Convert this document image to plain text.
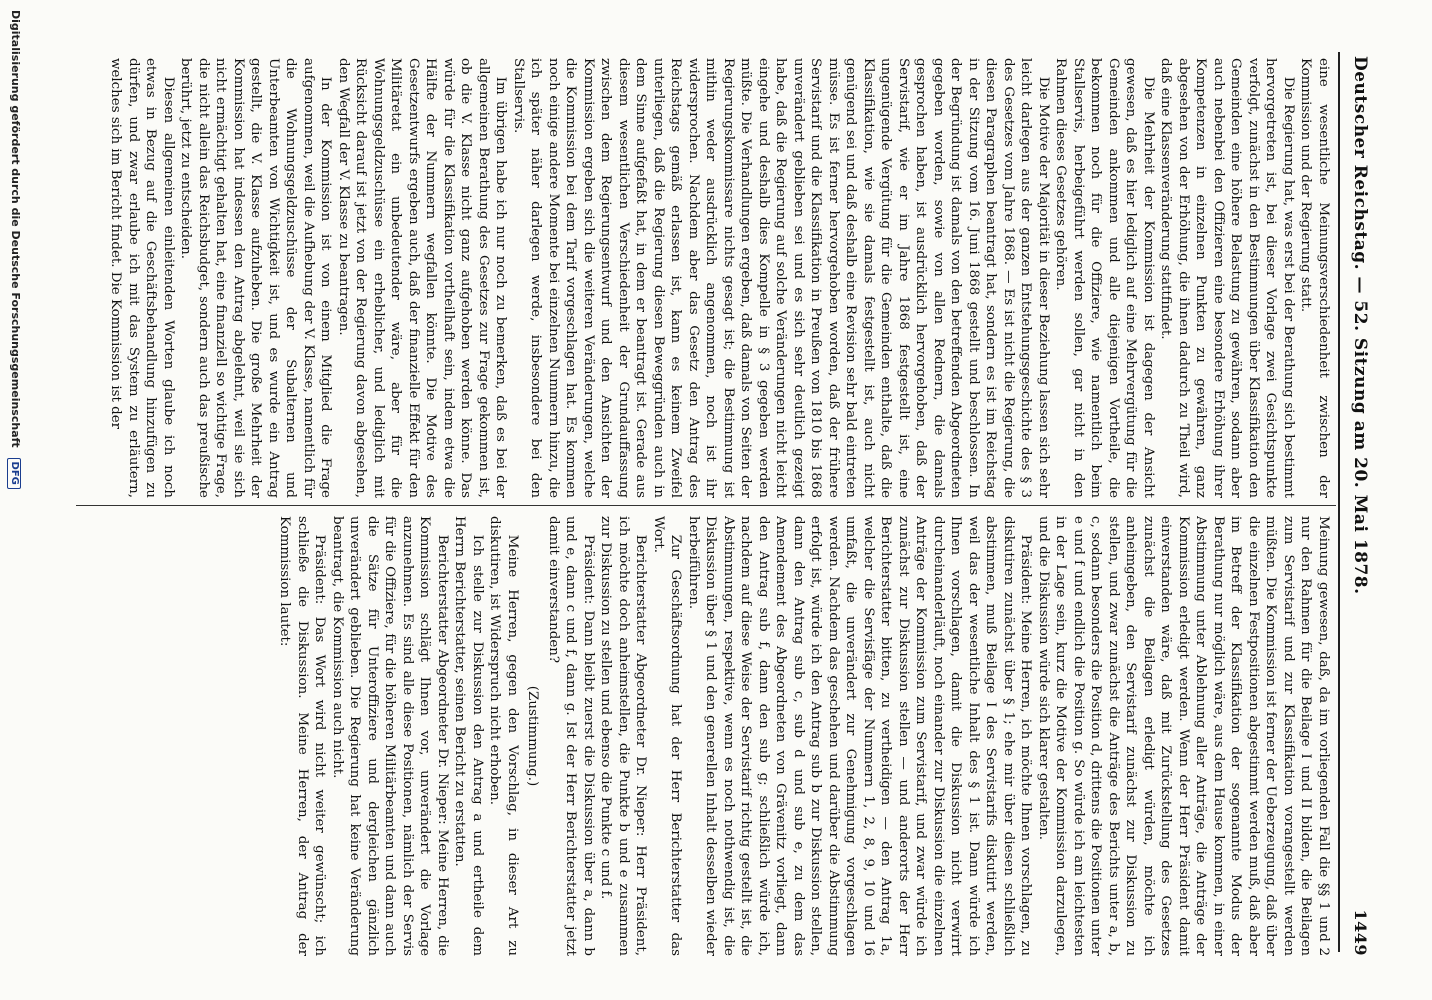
Deutscher Reichstag. — 52. Sitzung am 20. Mai 1878.
1449

eine wesentliche Meinungsverschiedenheit zwischen der Kommission und der Regierung statt.

Die Regierung hat, was erst bei der Berathung sich bestimmt hervorgetreten ist, bei dieser Vorlage zwei Gesichtspunkte verfolgt, zunächst in den Bestimmungen über Klassifikation den Gemeinden eine höhere Belastung zu gewähren, sodann aber auch nebenbei den Offizieren eine besondere Erhöhung ihrer Kompetenzen in einzelnen Punkten zu gewähren, ganz abgesehen von der Erhöhung, die ihnen dadurch zu Theil wird, daß eine Klassenveränderung stattfindet.

Die Mehrheit der Kommission ist dagegen der Ansicht gewesen, daß es hier lediglich auf eine Mehrvergütung für die Gemeinden ankommen und alle diejenigen Vortheile, die bekommen noch für die Offiziere, wie namentlich beim Stallservis, herbeigeführt werden sollen, gar nicht in den Rahmen dieses Gesetzes gehören.

Die Motive der Majorität in dieser Beziehung lassen sich sehr leicht darlegen aus der ganzen Entstehungsgeschichte des § 3 des Gesetzes vom Jahre 1868. — Es ist nicht die Regierung, die diesen Paragraphen beantragt hat, sondern es ist im Reichstag in der Sitzung vom 16. Juni 1868 gestellt und beschlossen. In der Begründung ist damals von den betreffenden Abgeordneten gegeben worden, sowie von allen Rednern, die damals gesprochen haben, ist ausdrücklich hervorgehoben, daß der Servistarif, wie er im Jahre 1868 festgestellt ist, eine ungenügende Vergütung für die Gemeinden enthalte, daß die Klassifikation, wie sie damals festgestellt ist, auch nicht genügend sei und daß deshalb eine Revision sehr bald eintreten müsse. Es ist ferner hervorgehoben worden, daß der frühere Servistarif und die Klassifikation in Preußen von 1810 bis 1868 unverändert geblieben sei und es sich sehr deutlich gezeigt habe, daß die Regierung auf solche Veränderungen nicht leicht eingehe und deshalb dies Kompelle in § 3 gegeben werden müßte. Die Verhandlungen ergeben, daß damals von Seiten der Regierungskommissare nichts gesagt ist; die Bestimmung ist mithin weder ausdrücklich angenommen, noch ist ihr widersprochen. Nachdem aber das Gesetz den Antrag des Reichstags gemäß erlassen ist, kann es keinem Zweifel unterliegen, daß die Regierung diesen Beweggründen auch in dem Sinne aufgefaßt hat, in dem er beantragt ist. Gerade aus diesem wesentlichen Verschiedenheit der Grundauffassung zwischen dem Regierungsentwurf und den Ansichten der Kommission ergeben sich die weiteren Veränderungen, welche die Kommission bei dem Tarif vorgeschlagen hat. Es kommen noch einige andere Momente bei einzelnen Nummern hinzu, die ich später näher darlegen werde, insbesondere bei den Stallservis.

Im übrigen habe ich nur noch zu bemerken, daß es bei der allgemeinen Berathung des Gesetzes zur Frage gekommen ist, ob die V. Klasse nicht ganz aufgehoben werden könne. Das würde für die Klassifikation vortheilhaft sein, indem etwa die Hälfte der Nummern wegfallen könnte. Die Motive des Gesetzentwurfs ergeben auch, daß der finanzielle Effekt für den Militäretat ein unbedeutender wäre, aber für die Wohnungsgeldzuschüsse ein erheblicher, und lediglich mit Rücksicht darauf ist jetzt von der Regierung davon abgesehen, den Wegfall der V. Klasse zu beantragen.

In der Kommission ist von einem Mitglied die Frage aufgenommen, weil die Aufhebung der V. Klasse, namentlich für die Wohnungsgeldzuschüsse der Subalternen und Unterbeamten von Wichtigkeit ist, und es wurde ein Antrag gestellt, die V. Klasse aufzuheben. Die große Mehrheit der Kommission hat indessen den Antrag abgelehnt, weil sie sich nicht ermächtigt gehalten hat, eine finanziell so wichtige Frage, die nicht allein das Reichsbudget, sondern auch das preußische berührt, jetzt zu entscheiden.

Diesen allgemeinen einleitenden Worten glaube ich noch etwas in Bezug auf die Geschäftsbehandlung hinzufügen zu dürfen, und zwar erlaube ich mit das System zu erläutern, welches sich im Bericht findet. Die Kommission ist der

Meinung gewesen, daß, da im vorliegenden Fall die §§ 1 und 2 nur den Rahmen für die Beilage I und II bilden, die Beilagen zum Servistarif und zur Klassifikation vorangestellt werden müßten. Die Kommission ist ferner der Ueberzeugung, daß über die einzelnen Festpositionen abgestimmt werden muß, daß aber im Betreff der Klassifikation der sogenannte Modus der Berathung nur möglich wäre, aus dem Hause kommen, in einer Abstimmung unter Ablehnung aller Anträge, die Anträge der Kommission erledigt werden. Wenn der Herr Präsident damit einverstanden wäre, daß mit Zurückstellung des Gesetzes zunächst die Beilagen erledigt würden, möchte ich anheimgeben, den Servistarif zunächst zur Diskussion zu stellen, und zwar zunächst die Anträge des Berichts unter a, b, c, sodann besonders die Position d, drittens die Positionen unter e und f und endlich die Position g. So würde ich am leichtesten in der Lage sein, kurz die Motive der Kommission darzulegen, und die Diskussion würde sich klarer gestalten.

Präsident: Meine Herren, ich möchte Ihnen vorschlagen, zu diskutiren zunächst über § 1; ehe mir über diesen schließlich abstimmen, muß Beilage I des Servistarifs diskutirt werden, weil das der wesentliche Inhalt des § 1 ist. Dann würde ich Ihnen vorschlagen, damit die Diskussion nicht verwirrt durcheinanderläuft, noch einander zur Diskussion die einzelnen Anträge der Kommission zum Servistarif, und zwar würde ich zunächst zur Diskussion stellen — und anderorts der Herr Berichterstatter bitten, zu vertheidigen — den Antrag 1a, welcher die Servisfäge der Nummern 1, 2, 8, 9, 10 und 16 umfaßt, die unverändert zur Genehmigung vorgeschlagen werden. Nachdem das geschehen und darüber die Abstimmung erfolgt ist, würde ich den Antrag sub b zur Diskussion stellen, dann den Antrag sub c, sub d und sub e, zu dem das Amendement des Abgeordneten von Grävenitz vorliegt, dann den Antrag sub f, dann den sub g; schließlich würde ich, nachdem auf diese Weise der Servistarif richtig gestellt ist, die Abstimmungen, respektive, wenn es noch nothwendig ist, die Diskussion über § 1 und den generellen Inhalt desselben wieder herbeiführen.

Zur Geschäftsordnung hat der Herr Berichterstatter das Wort.

Berichterstatter Abgeordneter Dr. Nieper: Herr Präsident, ich möchte doch anheimstellen, die Punkte b und e zusammen zur Diskussion zu stellen und ebenso die Punkte c und f.

Präsident: Dann bleibt zuerst die Diskussion über a, dann b und e, dann c und f, dann g. Ist der Herr Berichterstatter jetzt damit einverstanden?

(Zustimmung.)

Meine Herren, gegen den Vorschlag, in dieser Art zu diskutiren, ist Widerspruch nicht erhoben.

Ich stelle zur Diskussion den Antrag a und ertheile dem Herrn Berichterstatter, seinen Bericht zu erstatten.

Berichterstatter Abgeordneter Dr. Nieper: Meine Herren, die Kommission schlägt Ihnen vor, unverändert die Vorlage anzunehmen. Es sind alle diese Positionen, nämlich der Servis für die Offiziere, für die höheren Militärbeamten und dann auch die Sätze für Unteroffiziere und dergleichen gänzlich unverändert geblieben. Die Regierung hat keine Veränderung beantragt, die Kommission auch nicht.

Präsident: Das Wort wird nicht weiter gewünscht; ich schließe die Diskussion. Meine Herren, der Antrag der Kommission lautet:

Digitalisierung gefördert durch die Deutsche Forschungsgemeinschaft DFG
